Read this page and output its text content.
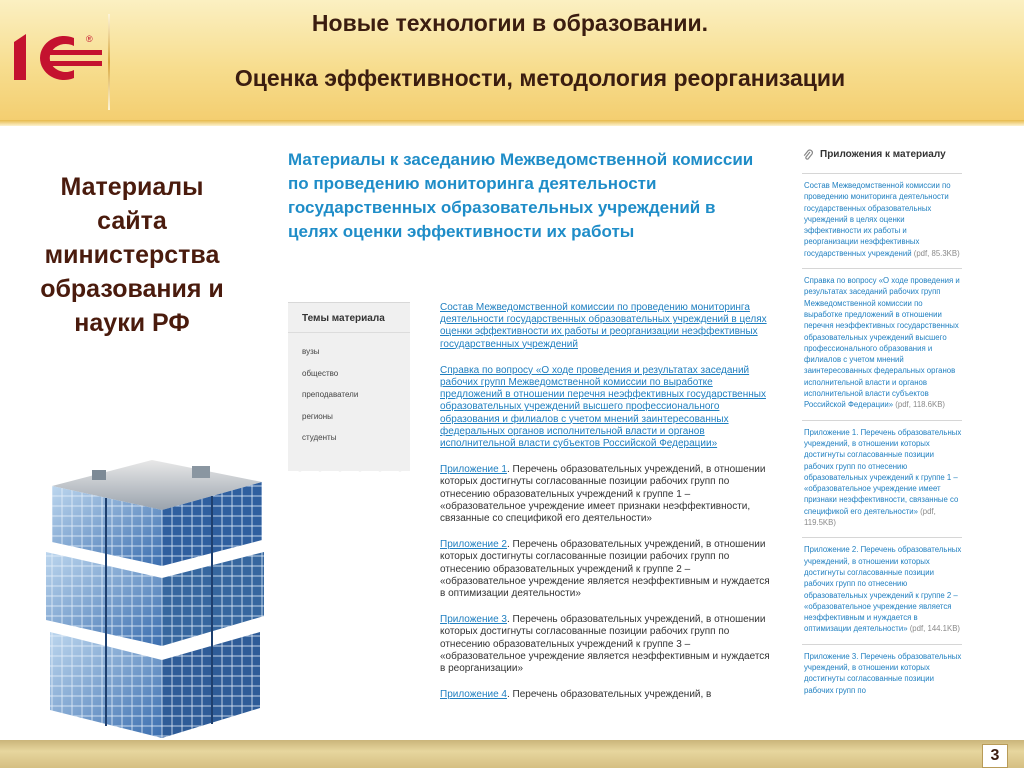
®
Новые технологии в образовании.
Оценка эффективности, методология реорганизации
Материалы сайта министерства образования и науки РФ
Материалы к заседанию Межведомственной комиссии по проведению мониторинга деятельности государственных образовательных учреждений в целях оценки эффективности их работы
Темы материала
вузы
общество
преподаватели
регионы
студенты
Состав Межведомственной комиссии по проведению мониторинга деятельности государственных образовательных учреждений в целях оценки эффективности их работы и реорганизации неэффективных государственных учреждений
Справка по вопросу «О ходе проведения и результатах заседаний рабочих групп Межведомственной комиссии по выработке предложений в отношении перечня неэффективных государственных образовательных учреждений высшего профессионального образования и филиалов с учетом мнений заинтересованных федеральных органов исполнительной власти и органов исполнительной власти субъектов Российской Федерации»
Приложение 1. Перечень образовательных учреждений, в отношении которых достигнуты согласованные позиции рабочих групп по отнесению образовательных учреждений к группе 1 – «образовательное учреждение имеет признаки неэффективности, связанные со спецификой его деятельности»
Приложение 2. Перечень образовательных учреждений, в отношении которых достигнуты согласованные позиции рабочих групп по отнесению образовательных учреждений к группе 2 – «образовательное учреждение является неэффективным и нуждается в оптимизации деятельности»
Приложение 3. Перечень образовательных учреждений, в отношении которых достигнуты согласованные позиции рабочих групп по отнесению образовательных учреждений к группе 3 – «образовательное учреждение является неэффективным и нуждается в реорганизации»
Приложение 4. Перечень образовательных учреждений, в
Приложения к материалу
Состав Межведомственной комиссии по проведению мониторинга деятельности государственных образовательных учреждений в целях оценки эффективности их работы и реорганизации неэффективных государственных учреждений (pdf, 85.3KB)
Справка по вопросу «О ходе проведения и результатах заседаний рабочих групп Межведомственной комиссии по выработке предложений в отношении перечня неэффективных государственных образовательных учреждений высшего профессионального образования и филиалов с учетом мнений заинтересованных федеральных органов исполнительной власти и органов исполнительной власти субъектов Российской Федерации» (pdf, 118.6KB)
Приложение 1. Перечень образовательных учреждений, в отношении которых достигнуты согласованные позиции рабочих групп по отнесению образовательных учреждений к группе 1 – «образовательное учреждение имеет признаки неэффективности, связанные со спецификой его деятельности» (pdf, 119.5KB)
Приложение 2. Перечень образовательных учреждений, в отношении которых достигнуты согласованные позиции рабочих групп по отнесению образовательных учреждений к группе 2 – «образовательное учреждение является неэффективным и нуждается в оптимизации деятельности» (pdf, 144.1KB)
Приложение 3. Перечень образовательных учреждений, в отношении которых достигнуты согласованные позиции рабочих групп по
3
